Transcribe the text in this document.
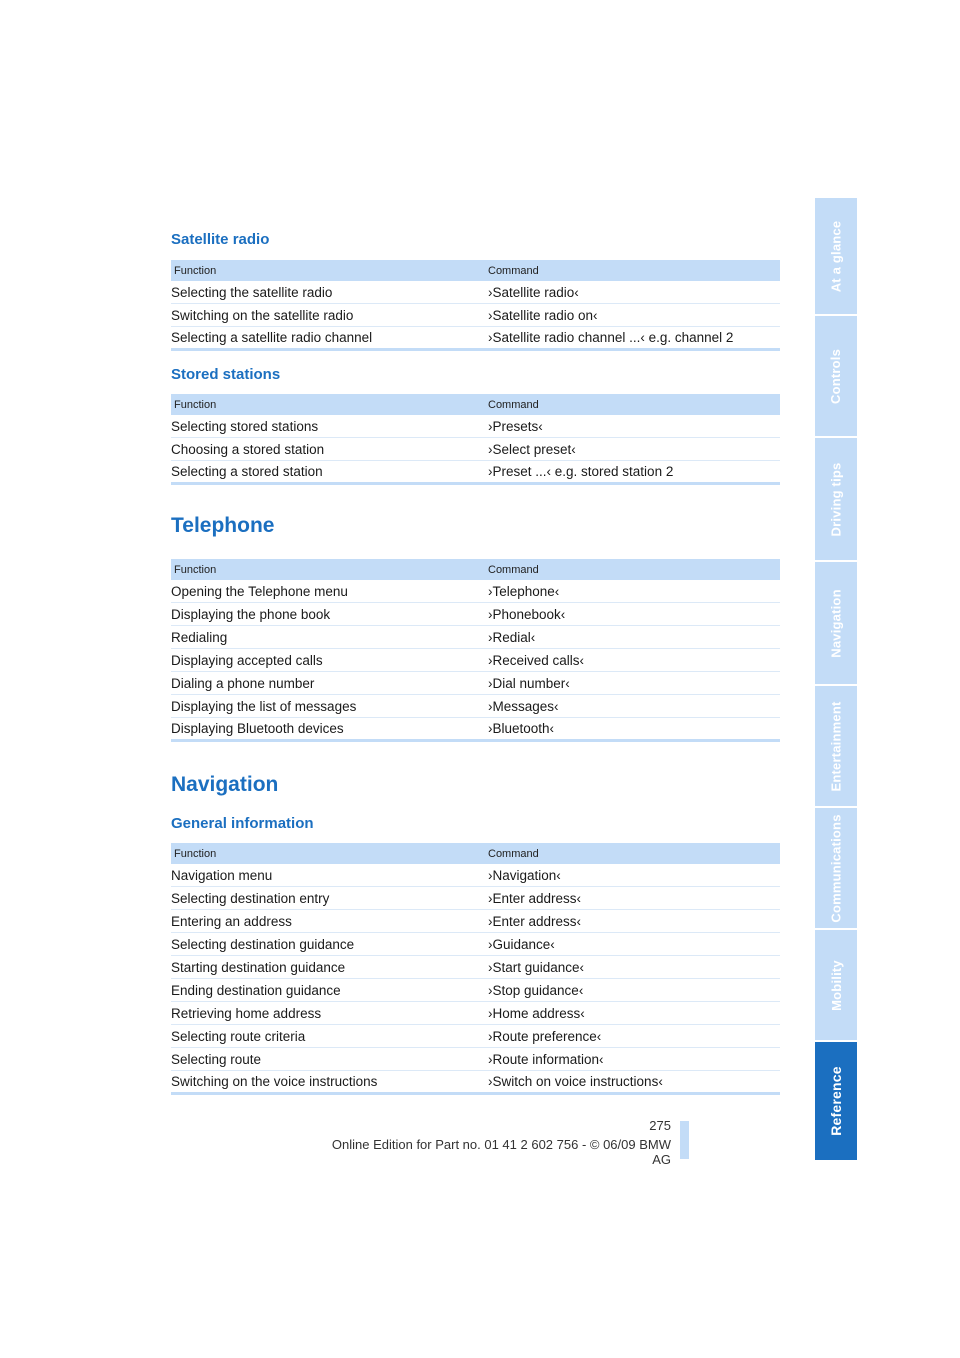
Satellite radio
Function	Command
Selecting the satellite radio	›Satellite radio‹
Switching on the satellite radio	›Satellite radio on‹
Selecting a satellite radio channel	›Satellite radio channel ...‹ e.g. channel 2
Stored stations
Function	Command
Selecting stored stations	›Presets‹
Choosing a stored station	›Select preset‹
Selecting a stored station	›Preset ...‹ e.g. stored station 2
Telephone
Function	Command
Opening the Telephone menu	›Telephone‹
Displaying the phone book	›Phonebook‹
Redialing	›Redial‹
Displaying accepted calls	›Received calls‹
Dialing a phone number	›Dial number‹
Displaying the list of messages	›Messages‹
Displaying Bluetooth devices	›Bluetooth‹
Navigation
General information
Function	Command
Navigation menu	›Navigation‹
Selecting destination entry	›Enter address‹
Entering an address	›Enter address‹
Selecting destination guidance	›Guidance‹
Starting destination guidance	›Start guidance‹
Ending destination guidance	›Stop guidance‹
Retrieving home address	›Home address‹
Selecting route criteria	›Route preference‹
Selecting route	›Route information‹
Switching on the voice instructions	›Switch on voice instructions‹
At a glance
Controls
Driving tips
Navigation
Entertainment
Communications
Mobility
Reference
275
Online Edition for Part no. 01 41 2 602 756 - © 06/09 BMW AG
